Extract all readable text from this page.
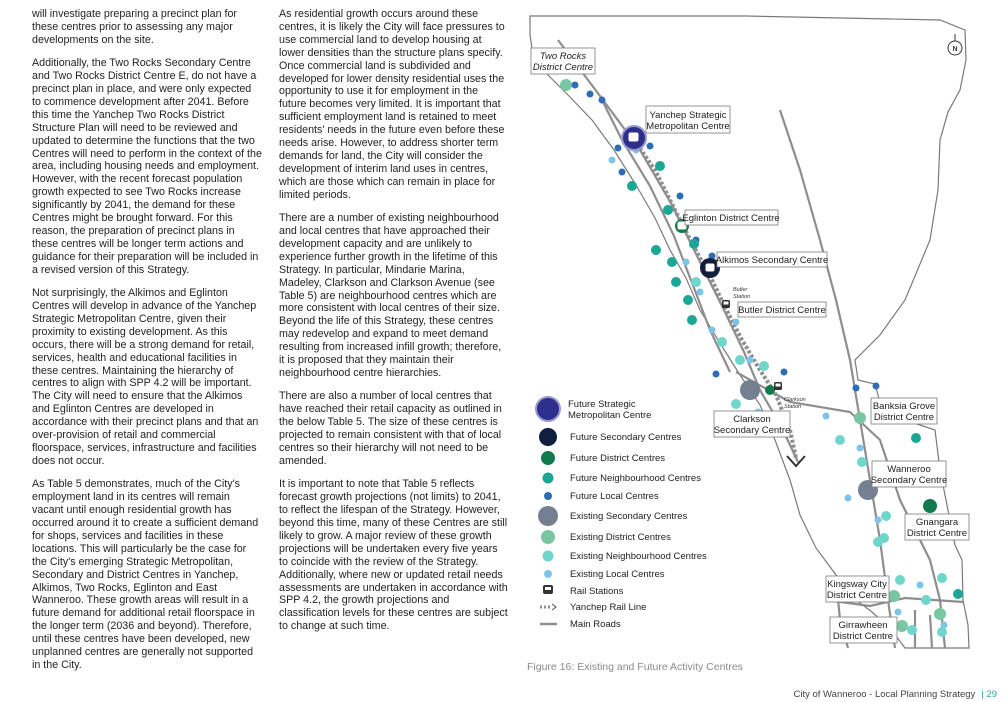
will investigate preparing a precinct plan for these centres prior to assessing any major developments on the site.

Additionally, the Two Rocks Secondary Centre and Two Rocks District Centre E, do not have a precinct plan in place, and were only expected to commence development after 2041. Before this time the Yanchep Two Rocks District Structure Plan will need to be reviewed and updated to determine the functions that the two Centres will need to perform in the context of the area, including housing needs and employment. However, with the recent forecast population growth expected to see Two Rocks increase significantly by 2041, the demand for these Centres might be brought forward. For this reason, the preparation of precinct plans in these centres will be longer term actions and guidance for their preparation will be included in a revised version of this Strategy.

Not surprisingly, the Alkimos and Eglinton Centres will develop in advance of the Yanchep Strategic Metropolitan Centre, given their proximity to existing development. As this occurs, there will be a strong demand for retail, services, health and educational facilities in these centres. Maintaining the hierarchy of centres to align with SPP 4.2 will be important. The City will need to ensure that the Alkimos and Eglinton Centres are developed in accordance with their precinct plans and that an over-provision of retail and commercial floorspace, services, infrastructure and facilities does not occur.

As Table 5 demonstrates, much of the City's employment land in its centres will remain vacant until enough residential growth has occurred around it to create a sufficient demand for shops, services and facilities in these locations. This will particularly be the case for the City's emerging Strategic Metropolitan, Secondary and District Centres in Yanchep, Alkimos, Two Rocks, Eglinton and East Wanneroo. These growth areas will result in a future demand for additional retail floorspace in the longer term (2036 and beyond). Therefore, until these centres have been developed, new unplanned centres are generally not supported in the City.

As residential growth occurs around these centres, it is likely the City will face pressures to use commercial land to develop housing at lower densities than the structure plans specify. Once commercial land is subdivided and developed for lower density residential uses the opportunity to use it for employment in the future becomes very limited. It is important that sufficient employment land is retained to meet residents' needs in the future even before these needs arise. However, to address shorter term demands for land, the City will consider the development of interim land uses in centres, which are those which can remain in place for limited periods.

There are a number of existing neighbourhood and local centres that have approached their development capacity and are unlikely to experience further growth in the lifetime of this Strategy. In particular, Mindarie Marina, Madeley, Clarkson and Clarkson Avenue (see Table 5) are neighbourhood centres which are more consistent with local centres of their size. Beyond the life of this Strategy, these centres may redevelop and expand to meet demand resulting from increased infill growth; therefore, it is proposed that they maintain their neighbourhood centre hierarchies.

There are also a number of local centres that have reached their retail capacity as outlined in the below Table 5. The size of these centres is projected to remain consistent with that of local centres so their hierarchy will not need to be amended.

It is important to note that Table 5 reflects forecast growth projections (not limits) to 2041, to reflect the lifespan of the Strategy. However, beyond this time, many of these Centres are still likely to grow. A major review of these growth projections will be undertaken every five years to coincide with the review of the Strategy. Additionally, where new or updated retail needs assessments are undertaken in accordance with SPP 4.2, the growth projections and classification levels for these centres are subject to change at such time.

N
Butler
Station
Clarkson
Station
Two Rocks
District Centre
Yanchep Strategic
Metropolitan Centre
Eglinton District Centre
Alkimos Secondary Centre
Butler District Centre
Clarkson
Secondary Centre
Banksia Grove
District Centre
Wanneroo
Secondary Centre
Gnangara
District Centre
Kingsway City
District Centre
Girrawheen
District Centre
Future Strategic
Metropolitan Centre
Future Secondary Centres
Future District Centres
Future Neighbourhood Centres
Future Local Centres
Existing Secondary Centres
Existing District Centres
Existing Neighbourhood Centres
Existing Local Centres
Rail Stations
Yanchep Rail Line
Main Roads
Figure 16: Existing and Future Activity Centres
City of Wanneroo - Local Planning Strategy | 29
